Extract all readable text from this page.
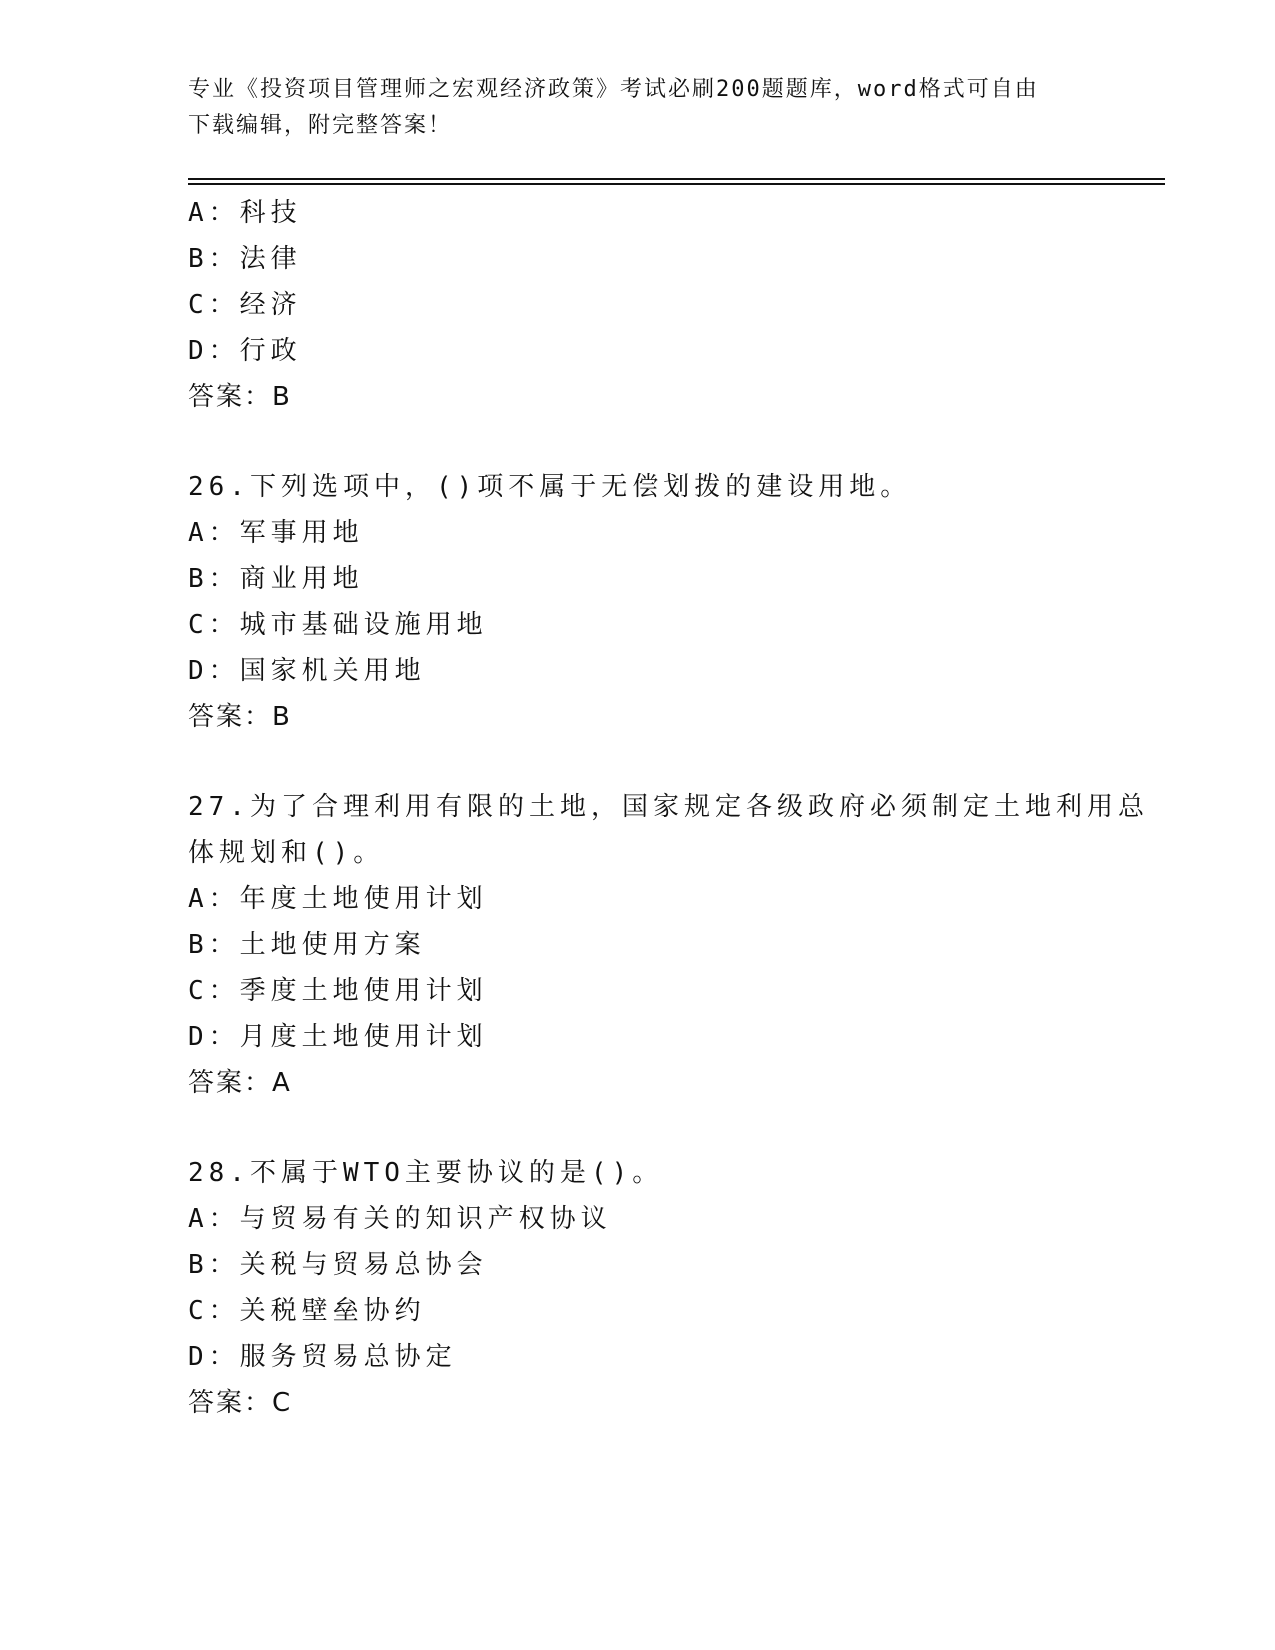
专业《投资项目管理师之宏观经济政策》考试必刷200题题库，word格式可自由
下载编辑，附完整答案！
A：科技
B：法律
C：经济
D：行政
答案：B
26.下列选项中，()项不属于无偿划拨的建设用地。
A：军事用地
B：商业用地
C：城市基础设施用地
D：国家机关用地
答案：B
27.为了合理利用有限的土地，国家规定各级政府必须制定土地利用总
体规划和()。
A：年度土地使用计划
B：土地使用方案
C：季度土地使用计划
D：月度土地使用计划
答案：A
28.不属于WTO主要协议的是()。
A：与贸易有关的知识产权协议
B：关税与贸易总协会
C：关税壁垒协约
D：服务贸易总协定
答案：C
